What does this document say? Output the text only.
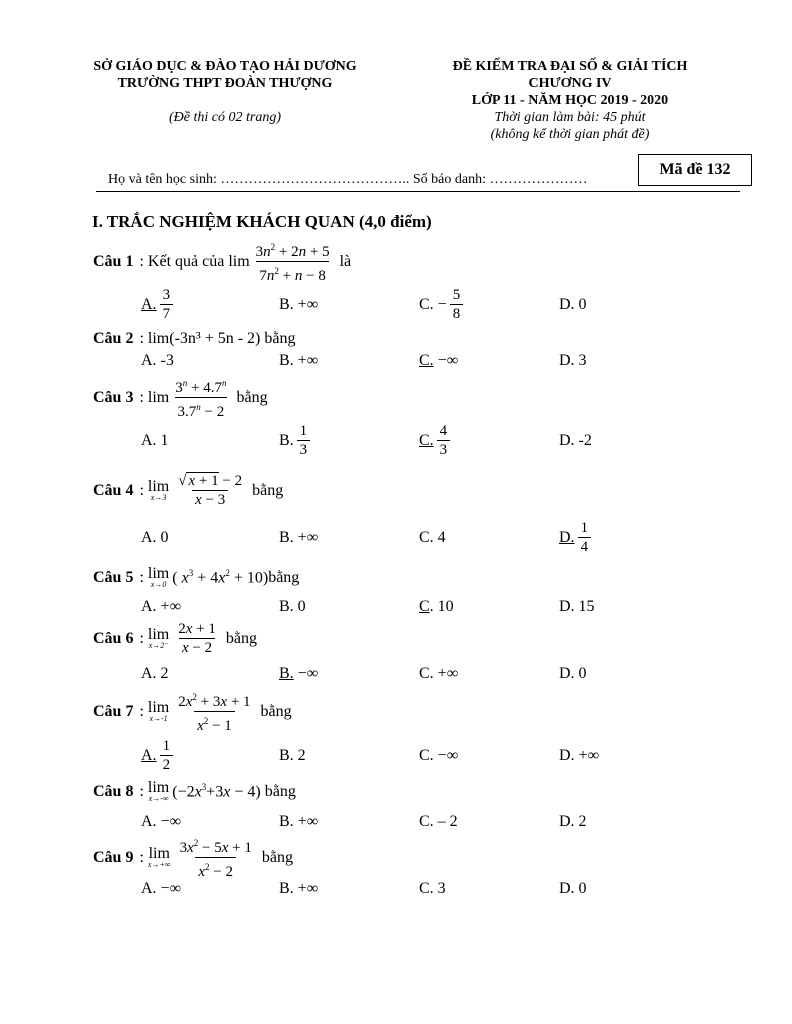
SỞ GIÁO DỤC & ĐÀO TẠO HẢI DƯƠNG
TRƯỜNG THPT ĐOÀN THƯỢNG
(Đề thi có 02 trang)
ĐỀ KIỂM TRA ĐẠI SỐ & GIẢI TÍCH
CHƯƠNG IV
LỚP 11 - NĂM HỌC 2019 - 2020
Thời gian làm bài: 45 phút
(không kể thời gian phát đề)
Mã đề 132
Họ và tên học sinh: ………………………………….. Số báo danh: …………………
I. TRẮC NGHIỆM KHÁCH QUAN (4,0 điểm)
Câu 1 : Kết quả của
$\lim \frac{3n^2 + 2n + 5}{7n^2 + n - 8}$
là
A. $\frac{3}{7}$	B. +∞	C. − $\frac{5}{8}$	D. 0
Câu 2 : lim(-3n³ + 5n - 2) bằng
A. -3	B. +∞	C. −∞	D. 3
Câu 3 : $\lim \frac{3^n + 4.7^n}{3.7^n - 2}$
bằng
A. 1	B. $\frac{1}{3}$	C. $\frac{4}{3}$	D. -2
Câu 4 : lim
$x\to 3 \frac{√ x + 1 - 2}{x - 3}$
bằng
A. 0	B. +∞	C. 4	D. $\frac{1}{4}$
Câu 5 : lim
x→0 ( $x^3 + 4x^2 + 10$) bằng
A. +∞	B. 0	C . 10	D. 15
Câu 6 : lim
$x\to 2^- \frac{2x + 1}{x - 2}$
bằng
A. 2	B. −∞	C. +∞	D. 0
Câu 7 : lim
$x\to-1 \frac{2x^2 + 3x + 1}{x^2 - 1}$
bằng
A. $\frac{1}{2}$	B. 2	C. −∞	D. +∞
Câu 8 : lim
x→-∞ $(-2x^3+3x - 4)$ bằng
A. −∞	B. +∞	C. – 2	D. 2
Câu 9 : lim
$x\to+\infty \frac{3x^2 - 5x + 1}{x^2 - 2}$
bằng
A. −∞	B. +∞	C. 3	D. 0
